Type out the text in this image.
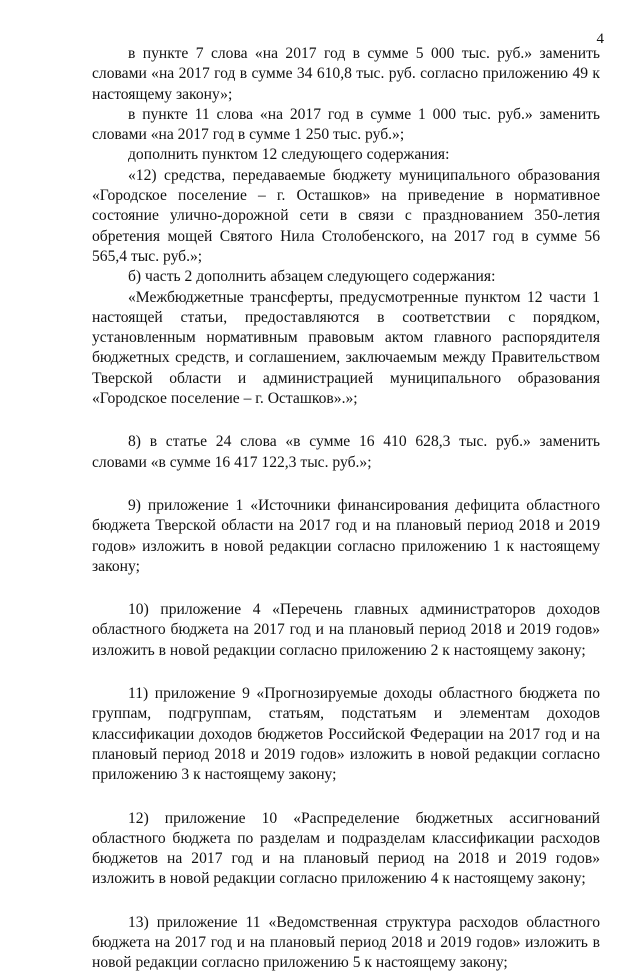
4

в пункте 7 слова «на 2017 год в сумме 5 000 тыс. руб.» заменить словами «на 2017 год в сумме 34 610,8 тыс. руб. согласно приложению 49 к настоящему закону»;

в пункте 11 слова «на 2017 год в сумме 1 000 тыс. руб.» заменить словами «на 2017 год в сумме 1 250 тыс. руб.»;

дополнить пунктом 12 следующего содержания:

«12) средства, передаваемые бюджету муниципального образования «Городское поселение – г. Осташков» на приведение в нормативное состояние улично-дорожной сети в связи с празднованием 350-летия обретения мощей Святого Нила Столобенского, на 2017 год в сумме 56 565,4 тыс. руб.»;

б) часть 2 дополнить абзацем следующего содержания:

«Межбюджетные трансферты, предусмотренные пунктом 12 части 1 настоящей статьи, предоставляются в соответствии с порядком, установленным нормативным правовым актом главного распорядителя бюджетных средств, и соглашением, заключаемым между Правительством Тверской области и администрацией муниципального образования «Городское поселение – г. Осташков».»;

8) в статье 24 слова «в сумме 16 410 628,3 тыс. руб.» заменить словами «в сумме 16 417 122,3 тыс. руб.»;

9) приложение 1 «Источники финансирования дефицита областного бюджета Тверской области на 2017 год и на плановый период 2018 и 2019 годов» изложить в новой редакции согласно приложению 1 к настоящему закону;

10) приложение 4 «Перечень главных администраторов доходов областного бюджета на 2017 год и на плановый период 2018 и 2019 годов» изложить в новой редакции согласно приложению 2 к настоящему закону;

11) приложение 9 «Прогнозируемые доходы областного бюджета по группам, подгруппам, статьям, подстатьям и элементам доходов классификации доходов бюджетов Российской Федерации на 2017 год и на плановый период 2018 и 2019 годов» изложить в новой редакции согласно приложению 3 к настоящему закону;

12) приложение 10 «Распределение бюджетных ассигнований областного бюджета по разделам и подразделам классификации расходов бюджетов на 2017 год и на плановый период на 2018 и 2019 годов» изложить в новой редакции согласно приложению 4 к настоящему закону;

13) приложение 11 «Ведомственная структура расходов областного бюджета на 2017 год и на плановый период 2018 и 2019 годов» изложить в новой редакции согласно приложению 5 к настоящему закону;
